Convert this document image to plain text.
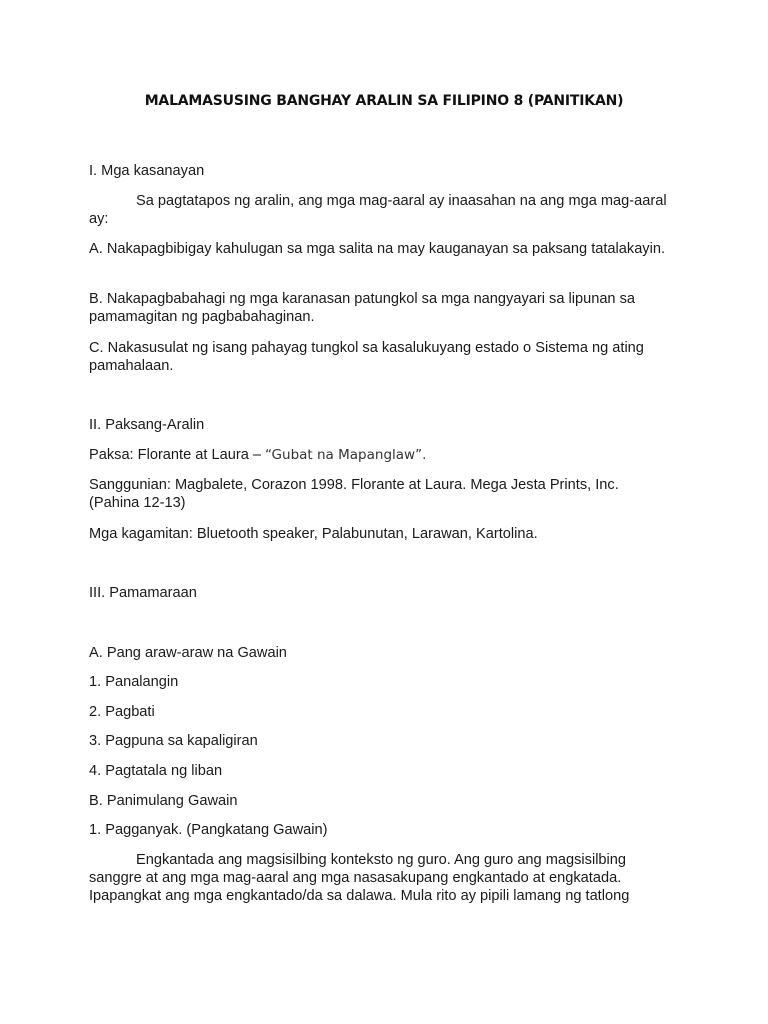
MALAMASUSING BANGHAY ARALIN SA FILIPINO 8 (PANITIKAN)
I. Mga kasanayan
Sa pagtatapos ng aralin, ang mga mag-aaral ay inaasahan na ang mga mag-aaral ay:
A. Nakapagbibigay kahulugan sa mga salita na may kauganayan sa paksang tatalakayin.
B. Nakapagbabahagi ng mga karanasan patungkol sa mga nangyayari sa lipunan sa pamamagitan ng pagbabahaginan.
C. Nakasusulat ng isang pahayag tungkol sa kasalukuyang estado o Sistema ng ating pamahalaan.
II. Paksang-Aralin
Paksa: Florante at Laura – “Gubat na Mapanglaw”.
Sanggunian: Magbalete, Corazon 1998. Florante at Laura. Mega Jesta Prints, Inc. (Pahina 12-13)
Mga kagamitan: Bluetooth speaker, Palabunutan, Larawan, Kartolina.
III. Pamamaraan
A. Pang araw-araw na Gawain
1. Panalangin
2. Pagbati
3. Pagpuna sa kapaligiran
4. Pagtatala ng liban
B. Panimulang Gawain
1. Pagganyak. (Pangkatang Gawain)
Engkantada ang magsisilbing konteksto ng guro. Ang guro ang magsisilbing sanggre at ang mga mag-aaral ang mga nasasakupang engkantado at engkatada. Ipapangkat ang mga engkantado/da sa dalawa. Mula rito ay pipili lamang ng tatlong
